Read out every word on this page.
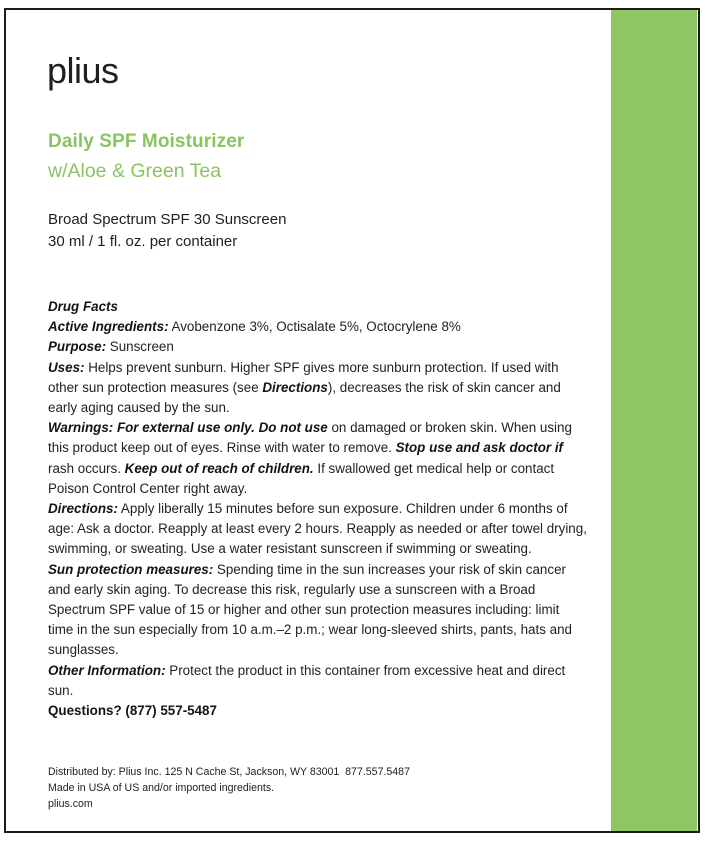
plius
Daily SPF Moisturizer
w/Aloe & Green Tea
Broad Spectrum SPF 30 Sunscreen
30 ml / 1 fl. oz. per container

Drug Facts

Active Ingredients: Avobenzone 3%, Octisalate 5%, Octocrylene 8%

Purpose: Sunscreen

Uses: Helps prevent sunburn. Higher SPF gives more sunburn protection. If used with other sun protection measures (see Directions), decreases the risk of skin cancer and early aging caused by the sun.

Warnings: For external use only. Do not use on damaged or broken skin. When using this product keep out of eyes. Rinse with water to remove. Stop use and ask doctor if rash occurs. Keep out of reach of children. If swallowed get medical help or contact Poison Control Center right away.

Directions: Apply liberally 15 minutes before sun exposure. Children under 6 months of age: Ask a doctor. Reapply at least every 2 hours. Reapply as needed or after towel drying, swimming, or sweating. Use a water resistant sunscreen if swimming or sweating.

Sun protection measures: Spending time in the sun increases your risk of skin cancer and early skin aging. To decrease this risk, regularly use a sunscreen with a Broad Spectrum SPF value of 15 or higher and other sun protection measures including: limit time in the sun especially from 10 a.m.–2 p.m.; wear long-sleeved shirts, pants, hats and sunglasses.

Other Information: Protect the product in this container from excessive heat and direct sun.

Questions? (877) 557-5487

Distributed by: Plius Inc. 125 N Cache St, Jackson, WY 83001  877.557.5487
Made in USA of US and/or imported ingredients.
plius.com
